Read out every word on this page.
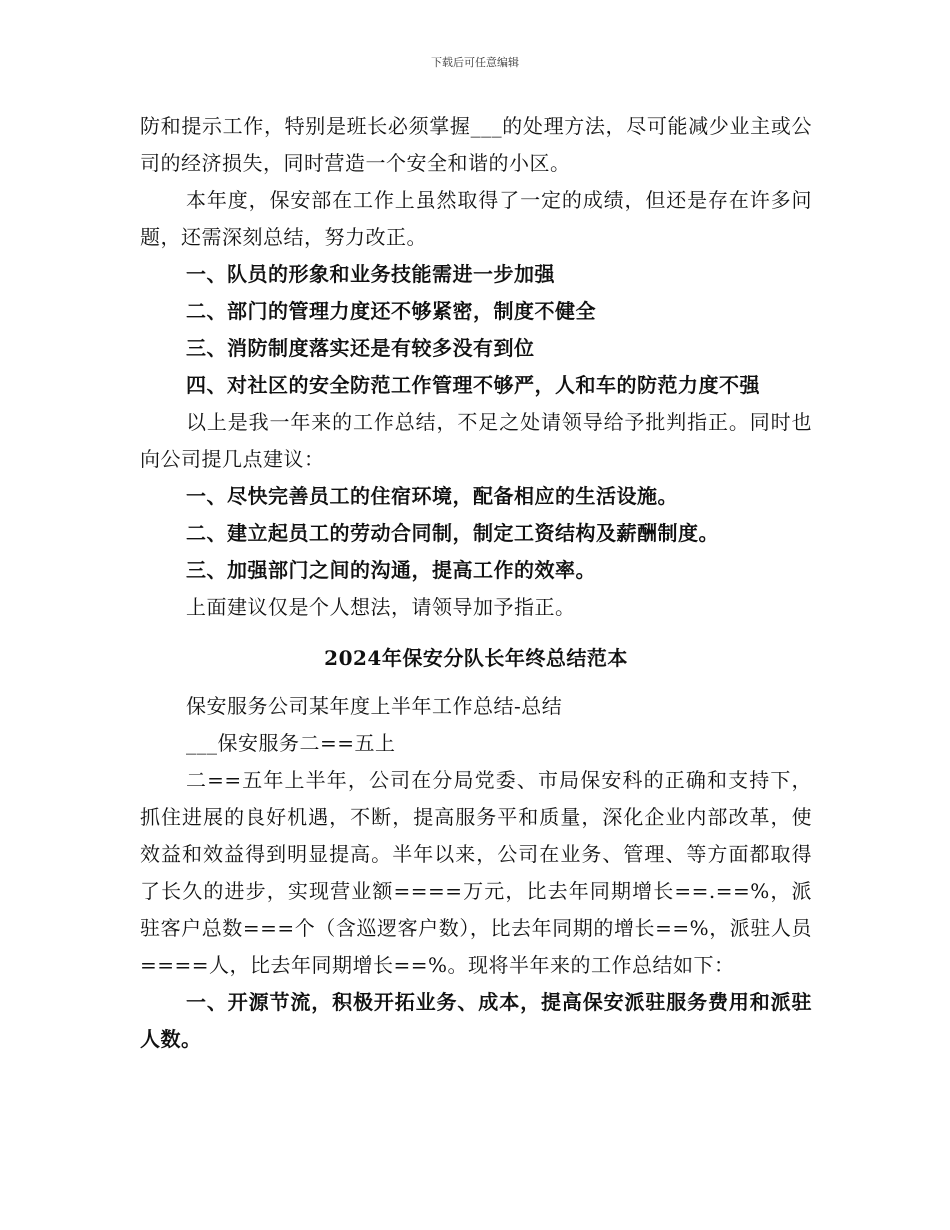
下载后可任意编辑

防和提示工作，特别是班长必须掌握___的处理方法，尽可能减少业主或公司的经济损失，同时营造一个安全和谐的小区。

本年度，保安部在工作上虽然取得了一定的成绩，但还是存在许多问题，还需深刻总结，努力改正。

一、队员的形象和业务技能需进一步加强

二、部门的管理力度还不够紧密，制度不健全

三、消防制度落实还是有较多没有到位

四、对社区的安全防范工作管理不够严，人和车的防范力度不强

以上是我一年来的工作总结，不足之处请领导给予批判指正。同时也向公司提几点建议：

一、尽快完善员工的住宿环境，配备相应的生活设施。

二、建立起员工的劳动合同制，制定工资结构及薪酬制度。

三、加强部门之间的沟通，提高工作的效率。

上面建议仅是个人想法，请领导加予指正。

2024年保安分队长年终总结范本

保安服务公司某年度上半年工作总结-总结

___保安服务二==五上

二==五年上半年，公司在分局党委、市局保安科的正确和支持下，抓住进展的良好机遇，不断，提高服务平和质量，深化企业内部改革，使效益和效益得到明显提高。半年以来，公司在业务、管理、等方面都取得了长久的进步，实现营业额====万元，比去年同期增长==.==%，派驻客户总数===个（含巡逻客户数），比去年同期的增长==%，派驻人员====人，比去年同期增长==%。现将半年来的工作总结如下：

一、开源节流，积极开拓业务、成本，提高保安派驻服务费用和派驻人数。
